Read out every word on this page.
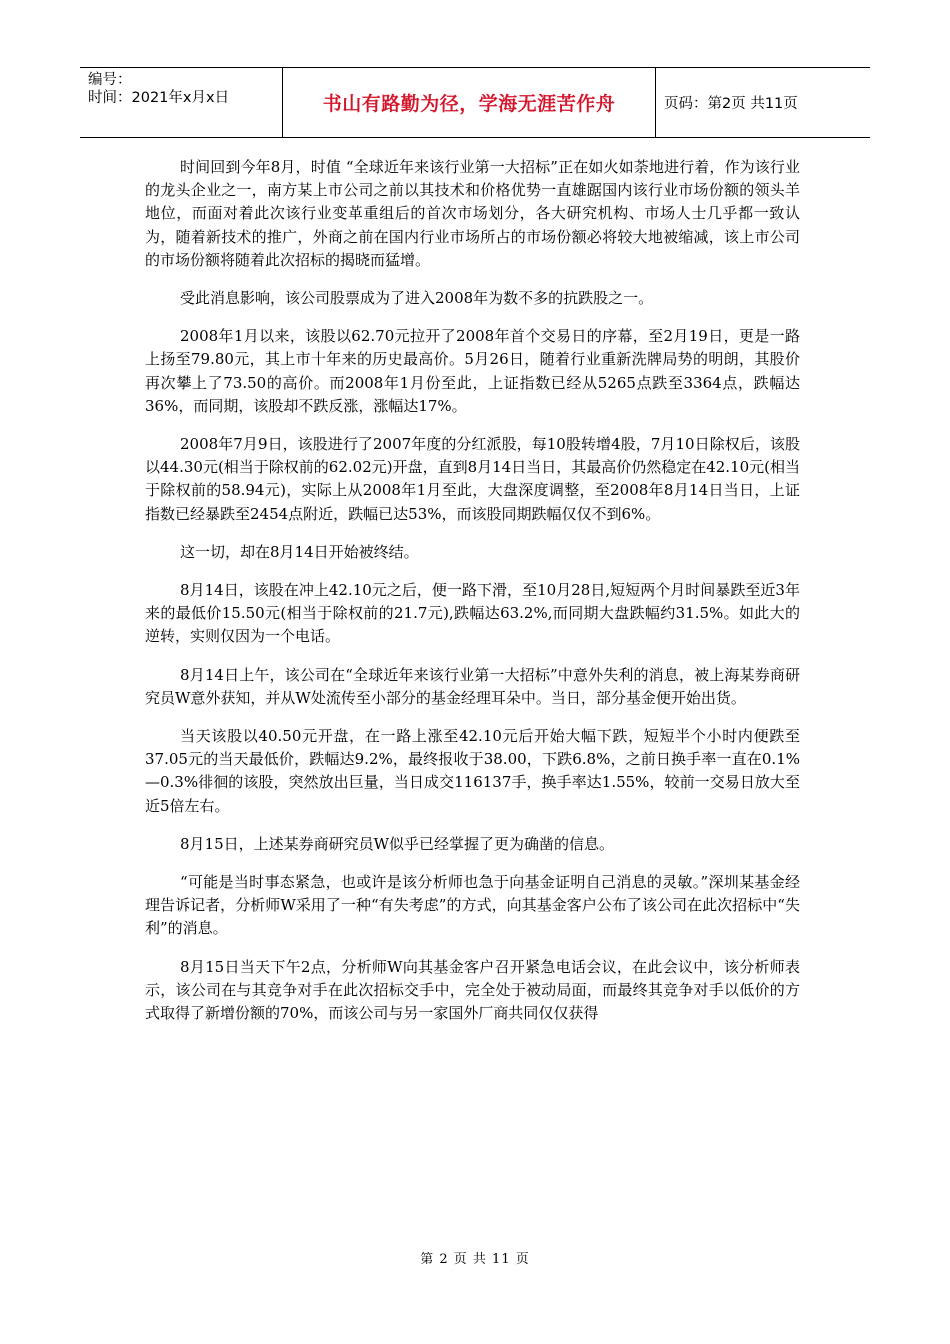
编号：
时间：2021年x月x日	书山有路勤为径，学海无涯苦作舟	页码：第2页 共11页

时间回到今年8月，时值 “全球近年来该行业第一大招标”正在如火如荼地进行着，作为该行业的龙头企业之一，南方某上市公司之前以其技术和价格优势一直雄踞国内该行业市场份额的领头羊地位，而面对着此次该行业变革重组后的首次市场划分，各大研究机构、市场人士几乎都一致认为，随着新技术的推广，外商之前在国内行业市场所占的市场份额必将较大地被缩减，该上市公司的市场份额将随着此次招标的揭晓而猛增。

受此消息影响，该公司股票成为了进入2008年为数不多的抗跌股之一。

2008年1月以来，该股以62.70元拉开了2008年首个交易日的序幕，至2月19日，更是一路上扬至79.80元，其上市十年来的历史最高价。5月26日，随着行业重新洗牌局势的明朗，其股价再次攀上了73.50的高价。而2008年1月份至此，上证指数已经从5265点跌至3364点，跌幅达36%，而同期，该股却不跌反涨，涨幅达17%。

2008年7月9日，该股进行了2007年度的分红派股，每10股转增4股，7月10日除权后，该股以44.30元(相当于除权前的62.02元)开盘，直到8月14日当日，其最高价仍然稳定在42.10元(相当于除权前的58.94元)，实际上从2008年1月至此，大盘深度调整，至2008年8月14日当日，上证指数已经暴跌至2454点附近，跌幅已达53%，而该股同期跌幅仅仅不到6%。

这一切，却在8月14日开始被终结。

8月14日，该股在冲上42.10元之后，便一路下滑，至10月28日,短短两个月时间暴跌至近3年来的最低价15.50元(相当于除权前的21.7元),跌幅达63.2%,而同期大盘跌幅约31.5%。如此大的逆转，实则仅因为一个电话。

8月14日上午，该公司在“全球近年来该行业第一大招标”中意外失利的消息，被上海某券商研究员W意外获知，并从W处流传至小部分的基金经理耳朵中。当日，部分基金便开始出货。

当天该股以40.50元开盘，在一路上涨至42.10元后开始大幅下跌，短短半个小时内便跌至37.05元的当天最低价，跌幅达9.2%，最终报收于38.00，下跌6.8%，之前日换手率一直在0.1%—0.3%徘徊的该股，突然放出巨量，当日成交116137手，换手率达1.55%，较前一交易日放大至近5倍左右。

8月15日，上述某券商研究员W似乎已经掌握了更为确凿的信息。

“可能是当时事态紧急，也或许是该分析师也急于向基金证明自己消息的灵敏。”深圳某基金经理告诉记者，分析师W采用了一种“有失考虑”的方式，向其基金客户公布了该公司在此次招标中“失利”的消息。

8月15日当天下午2点，分析师W向其基金客户召开紧急电话会议，在此会议中，该分析师表示，该公司在与其竞争对手在此次招标交手中，完全处于被动局面，而最终其竞争对手以低价的方式取得了新增份额的70%，而该公司与另一家国外厂商共同仅仅获得

第 2 页 共 11 页
